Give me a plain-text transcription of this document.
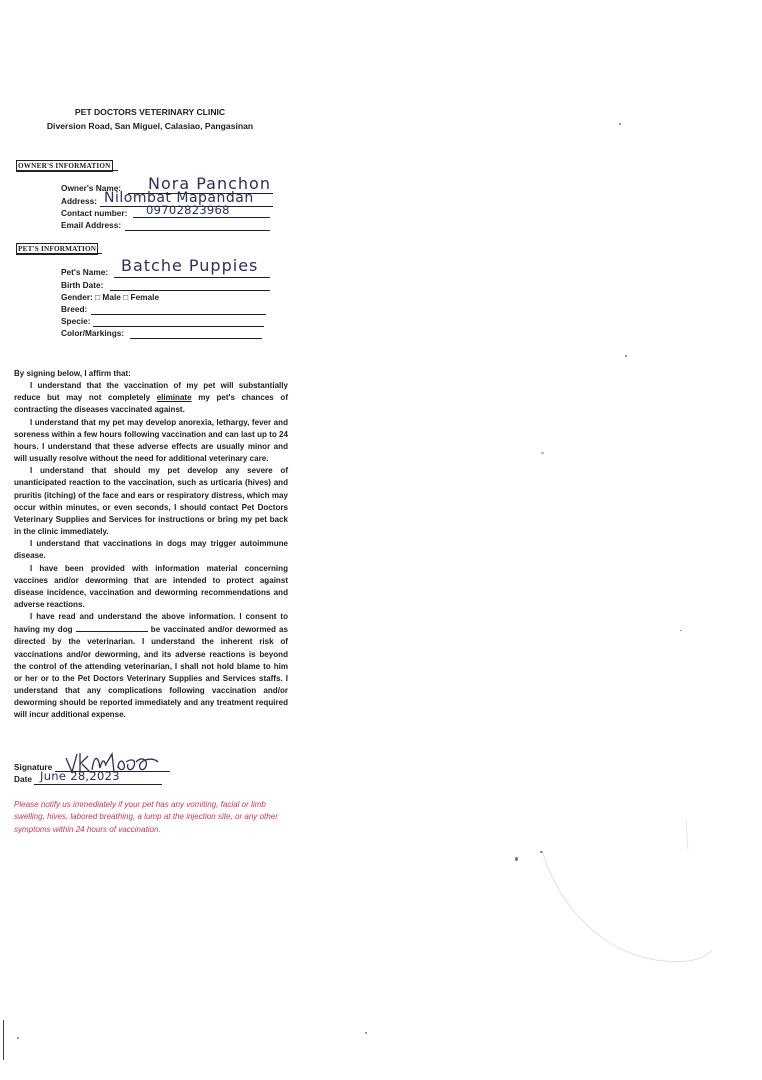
PET DOCTORS VETERINARY CLINIC
Diversion Road, San Miguel, Calasiao, Pangasinan
OWNER'S INFORMATION
Owner's Name: Nora Panchon
Address: Nilombat Mapandan
Contact number: 09702823968
Email Address:
PET'S INFORMATION
Pet's Name: Batche Puppies
Birth Date:
Gender: □ Male □ Female
Breed:
Specie:
Color/Markings:

By signing below, I affirm that:

I understand that the vaccination of my pet will substantially reduce but may not completely eliminate my pet's chances of contracting the diseases vaccinated against.

I understand that my pet may develop anorexia, lethargy, fever and soreness within a few hours following vaccination and can last up to 24 hours. I understand that these adverse effects are usually minor and will usually resolve without the need for additional veterinary care.

I understand that should my pet develop any severe of unanticipated reaction to the vaccination, such as urticaria (hives) and pruritis (itching) of the face and ears or respiratory distress, which may occur within minutes, or even seconds, I should contact Pet Doctors Veterinary Supplies and Services for instructions or bring my pet back in the clinic immediately.

I understand that vaccinations in dogs may trigger autoimmune disease.

I have been provided with information material concerning vaccines and/or deworming that are intended to protect against disease incidence, vaccination and deworming recommendations and adverse reactions.

I have read and understand the above information. I consent to having my dog	be vaccinated and/or dewormed as directed by the veterinarian. I understand the inherent risk of vaccinations and/or deworming, and its adverse reactions is beyond the control of the attending veterinarian, I shall not hold blame to him or her or to the Pet Doctors Veterinary Supplies and Services staffs. I understand that any complications following vaccination and/or deworming should be reported immediately and any treatment required will incur additional expense.

Signature
Date June 28,2023
Please notify us immediately if your pet has any vomiting, facial or limb swelling, hives, labored breathing, a lump at the injection site, or any other symptoms within 24 hours of vaccination.
